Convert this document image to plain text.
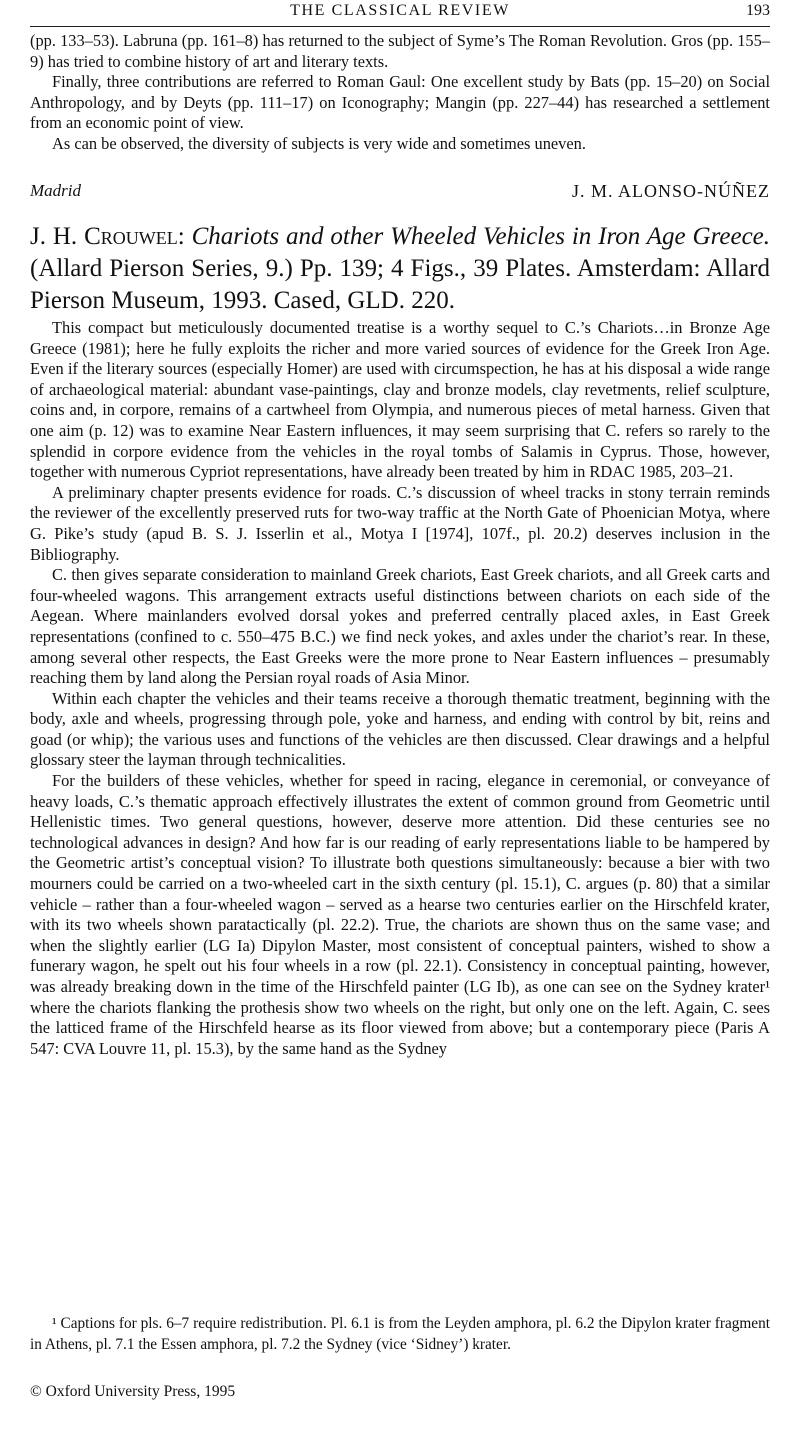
THE CLASSICAL REVIEW	193

(pp. 133–53). Labruna (pp. 161–8) has returned to the subject of Syme’s The Roman Revolution. Gros (pp. 155–9) has tried to combine history of art and literary texts.

Finally, three contributions are referred to Roman Gaul: One excellent study by Bats (pp. 15–20) on Social Anthropology, and by Deyts (pp. 111–17) on Iconography; Mangin (pp. 227–44) has researched a settlement from an economic point of view.

As can be observed, the diversity of subjects is very wide and sometimes uneven.

Madrid	J. M. ALONSO-NÚÑEZ
J. H. Crouwel: Chariots and other Wheeled Vehicles in Iron Age Greece. (Allard Pierson Series, 9.) Pp. 139; 4 Figs., 39 Plates. Amsterdam: Allard Pierson Museum, 1993. Cased, GLD. 220.

This compact but meticulously documented treatise is a worthy sequel to C.’s Chariots…in Bronze Age Greece (1981); here he fully exploits the richer and more varied sources of evidence for the Greek Iron Age. Even if the literary sources (especially Homer) are used with circumspection, he has at his disposal a wide range of archaeological material: abundant vase-paintings, clay and bronze models, clay revetments, relief sculpture, coins and, in corpore, remains of a cartwheel from Olympia, and numerous pieces of metal harness. Given that one aim (p. 12) was to examine Near Eastern influences, it may seem surprising that C. refers so rarely to the splendid in corpore evidence from the vehicles in the royal tombs of Salamis in Cyprus. Those, however, together with numerous Cypriot representations, have already been treated by him in RDAC 1985, 203–21.

A preliminary chapter presents evidence for roads. C.’s discussion of wheel tracks in stony terrain reminds the reviewer of the excellently preserved ruts for two-way traffic at the North Gate of Phoenician Motya, where G. Pike’s study (apud B. S. J. Isserlin et al., Motya I [1974], 107f., pl. 20.2) deserves inclusion in the Bibliography.

C. then gives separate consideration to mainland Greek chariots, East Greek chariots, and all Greek carts and four-wheeled wagons. This arrangement extracts useful distinctions between chariots on each side of the Aegean. Where mainlanders evolved dorsal yokes and preferred centrally placed axles, in East Greek representations (confined to c. 550–475 B.C.) we find neck yokes, and axles under the chariot’s rear. In these, among several other respects, the East Greeks were the more prone to Near Eastern influences – presumably reaching them by land along the Persian royal roads of Asia Minor.

Within each chapter the vehicles and their teams receive a thorough thematic treatment, beginning with the body, axle and wheels, progressing through pole, yoke and harness, and ending with control by bit, reins and goad (or whip); the various uses and functions of the vehicles are then discussed. Clear drawings and a helpful glossary steer the layman through technicalities.

For the builders of these vehicles, whether for speed in racing, elegance in ceremonial, or conveyance of heavy loads, C.’s thematic approach effectively illustrates the extent of common ground from Geometric until Hellenistic times. Two general questions, however, deserve more attention. Did these centuries see no technological advances in design? And how far is our reading of early representations liable to be hampered by the Geometric artist’s conceptual vision? To illustrate both questions simultaneously: because a bier with two mourners could be carried on a two-wheeled cart in the sixth century (pl. 15.1), C. argues (p. 80) that a similar vehicle – rather than a four-wheeled wagon – served as a hearse two centuries earlier on the Hirschfeld krater, with its two wheels shown paratactically (pl. 22.2). True, the chariots are shown thus on the same vase; and when the slightly earlier (LG Ia) Dipylon Master, most consistent of conceptual painters, wished to show a funerary wagon, he spelt out his four wheels in a row (pl. 22.1). Consistency in conceptual painting, however, was already breaking down in the time of the Hirschfeld painter (LG Ib), as one can see on the Sydney krater¹ where the chariots flanking the prothesis show two wheels on the right, but only one on the left. Again, C. sees the latticed frame of the Hirschfeld hearse as its floor viewed from above; but a contemporary piece (Paris A 547: CVA Louvre 11, pl. 15.3), by the same hand as the Sydney

¹ Captions for pls. 6–7 require redistribution. Pl. 6.1 is from the Leyden amphora, pl. 6.2 the Dipylon krater fragment in Athens, pl. 7.1 the Essen amphora, pl. 7.2 the Sydney (vice ‘Sidney’) krater.
© Oxford University Press, 1995
